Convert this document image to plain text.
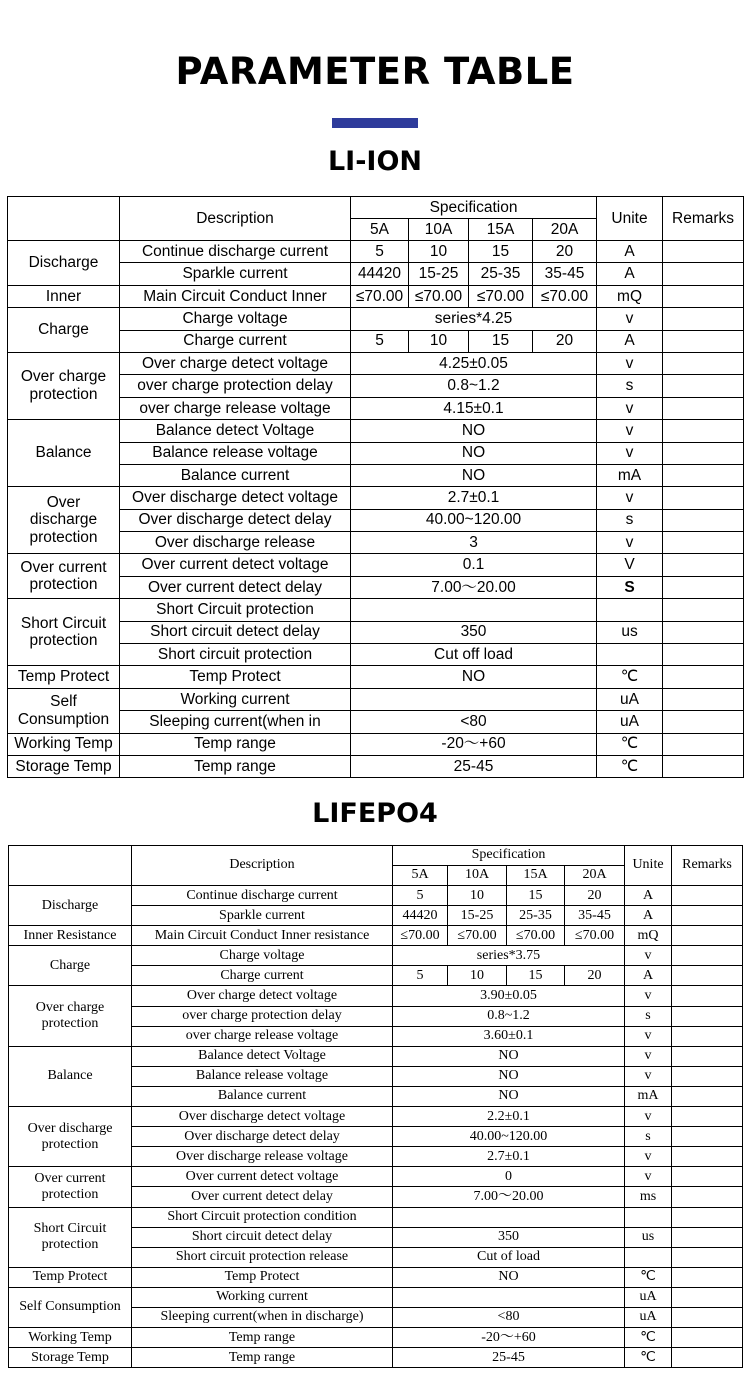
PARAMETER TABLE
LI-ION
	Description	Specification				Unite	Remarks
		5A	10A	15A	20A		
Discharge	Continue discharge current	5	10	15	20	A	
	Sparkle current	44420	15-25	25-35	35-45	A	
Inner	Main Circuit Conduct Inner	≤70.00	≤70.00	≤70.00	≤70.00	mQ	
Charge	Charge voltage	series*4.25				v	
	Charge current	5	10	15	20	A	
Over charge protection	Over charge detect voltage	4.25±0.05				v	
	over charge protection delay	0.8~1.2				s	
	over charge release voltage	4.15±0.1				v	
Balance	Balance detect Voltage	NO				v	
	Balance release voltage	NO				v	
	Balance current	NO				mA	
Over discharge protection	Over discharge detect voltage	2.7±0.1				v	
	Over discharge detect delay	40.00~120.00				s	
	Over discharge release	3				v	
Over current protection	Over current detect voltage	0.1				V	
	Over current detect delay	7.00～20.00				S	
Short Circuit protection	Short Circuit protection						
	Short circuit detect delay	350				us	
	Short circuit protection	Cut off load					
Temp Protect	Temp Protect	NO				℃	
Self Consumption	Working current					uA	
	Sleeping current(when in	<80				uA	
Working Temp	Temp range	-20～+60				℃	
Storage Temp	Temp range	25-45				℃	
LIFEPO4
	Description	Specification				Unite	Remarks
		5A	10A	15A	20A		
Discharge	Continue discharge current	5	10	15	20	A	
	Sparkle current	44420	15-25	25-35	35-45	A	
Inner Resistance	Main Circuit Conduct Inner resistance	≤70.00	≤70.00	≤70.00	≤70.00	mQ	
Charge	Charge voltage	series*3.75				v	
	Charge current	5	10	15	20	A	
Over charge protection	Over charge detect voltage	3.90±0.05				v	
	over charge protection delay	0.8~1.2				s	
	over charge release voltage	3.60±0.1				v	
Balance	Balance detect Voltage	NO				v	
	Balance release voltage	NO				v	
	Balance current	NO				mA	
Over discharge protection	Over discharge detect voltage	2.2±0.1				v	
	Over discharge detect delay	40.00~120.00				s	
	Over discharge release voltage	2.7±0.1				v	
Over current protection	Over current detect voltage	0				v	
	Over current detect delay	7.00～20.00				ms	
Short Circuit protection	Short Circuit protection condition						
	Short circuit detect delay	350				us	
	Short circuit protection release	Cut of load					
Temp Protect	Temp Protect	NO				℃	
Self Consumption	Working current					uA	
	Sleeping current(when in discharge)	<80				uA	
Working Temp	Temp range	-20～+60				℃	
Storage Temp	Temp range	25-45				℃	
